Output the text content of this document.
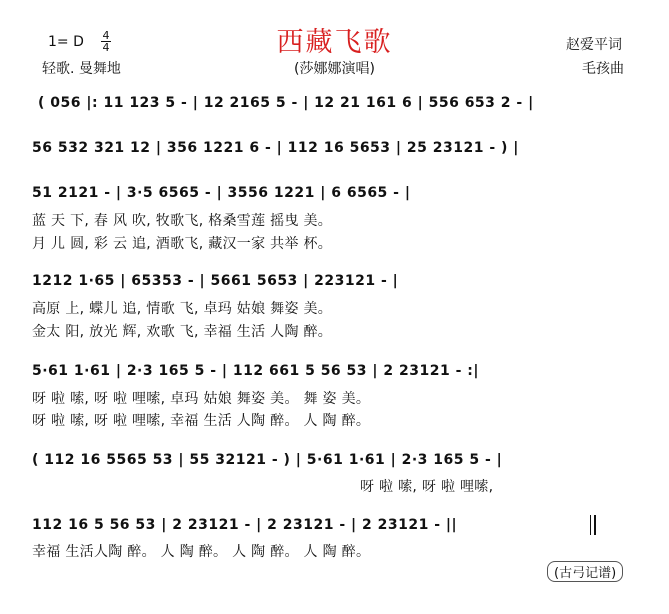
西藏飞歌
1= D 4
4
轻歌. 曼舞地	(莎娜娜演唱)
赵爱平词
毛孩曲
( 056 |: 11 123 5 - | 12 2165 5 - | 12 21 161 6 | 556 653 2 - |
56 532 321 12 | 356 1221 6 - | 112 16 5653 | 25 23121 - ) |
51 2121 - | 3·5 6565 - | 3556 1221 | 6 6565 - |
蓝 天 下, 春 风 吹, 牧歌飞, 格桑雪莲 摇曳 美。
月 儿 圆, 彩 云 追, 酒歌飞, 藏汉一家 共举 杯。
1212 1·65 | 65353 - | 5661 5653 | 223121 - |
高原 上, 蝶儿 追, 情歌 飞, 卓玛 姑娘 舞姿 美。
金太 阳, 放光 辉, 欢歌 飞, 幸福 生活 人陶 醉。
5·61 1·61 | 2·3 165 5 - | 112 661 5 56 53 | 2 23121 - :|
呀 啦 嗦, 呀 啦 哩嗦, 卓玛 姑娘 舞姿 美。 舞 姿 美。
呀 啦 嗦, 呀 啦 哩嗦, 幸福 生活 人陶 醉。 人 陶 醉。
( 112 16 5565 53 | 55 32121 - ) | 5·61 1·61 | 2·3 165 5 - |
呀 啦 嗦, 呀 啦 哩嗦,
112 16 5 56 53 | 2 23121 - | 2 23121 - | 2 23121 - ||
幸福 生活人陶 醉。 人 陶 醉。 人 陶 醉。 人 陶 醉。
(古弓记谱)
